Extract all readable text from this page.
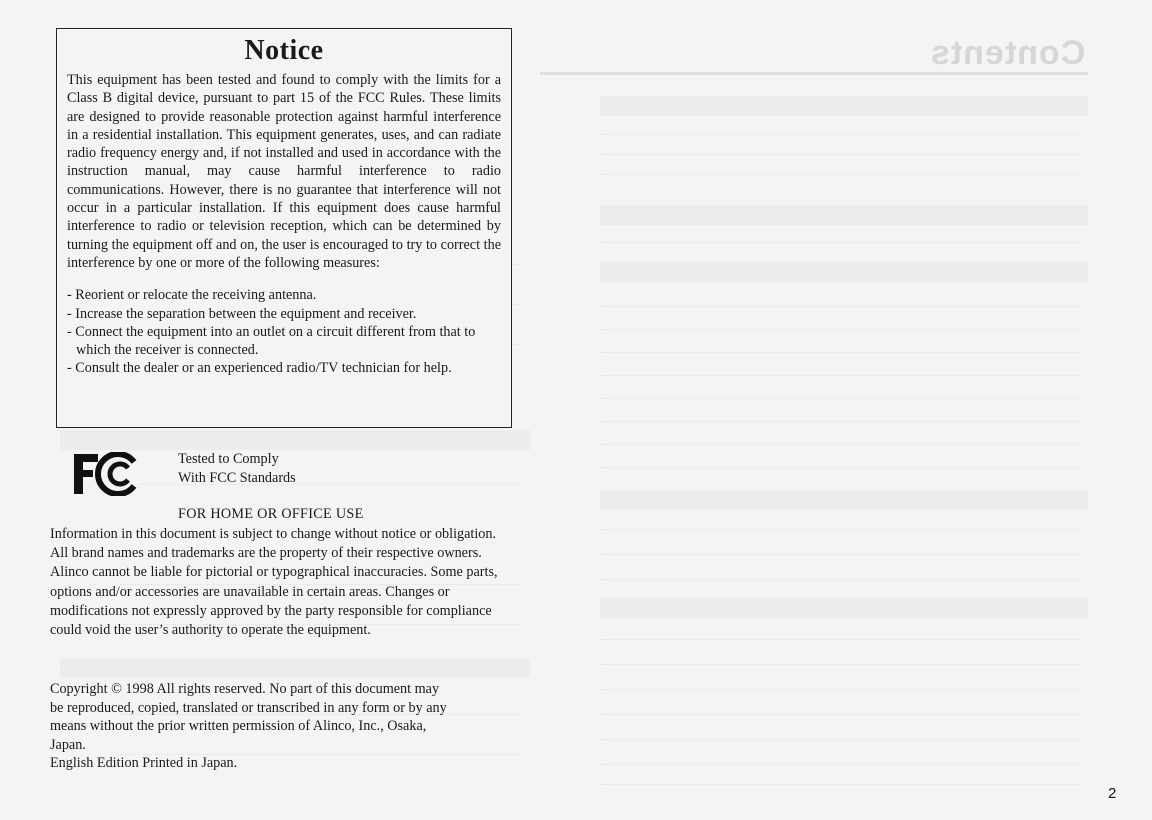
Contents
Notice
This equipment has been tested and found to comply with the limits for a Class B digital device, pursuant to part 15 of the FCC Rules. These limits are designed to provide reasonable protection against harmful interference in a residential installation. This equipment generates, uses, and can radiate radio frequency energy and, if not installed and used in accordance with the instruction manual, may cause harmful interference to radio communications. However, there is no guarantee that interference will not occur in a particular installation. If this equipment does cause harmful interference to radio or television reception, which can be determined by turning the equipment off and on, the user is encouraged to try to correct the interference by one or more of the following measures:
- Reorient or relocate the receiving antenna.
- Increase the separation between the equipment and receiver.
- Connect the equipment into an outlet on a circuit different from that to which the receiver is connected.
- Consult the dealer or an experienced radio/TV technician for help.
FC	Tested to Comply
With FCC Standards
FOR HOME OR OFFICE USE
Information in this document is subject to change without notice or obligation. All brand names and trademarks are the property of their respective owners. Alinco cannot be liable for pictorial or typographical inaccuracies. Some parts, options and/or accessories are unavailable in certain areas. Changes or modifications not expressly approved by the party responsible for compliance could void the user’s authority to operate the equipment.
Copyright © 1998 All rights reserved. No part of this document may
be reproduced, copied, translated or transcribed in any form or by any
means without the prior written permission of Alinco, Inc., Osaka,
Japan.
English Edition Printed in Japan.
2
